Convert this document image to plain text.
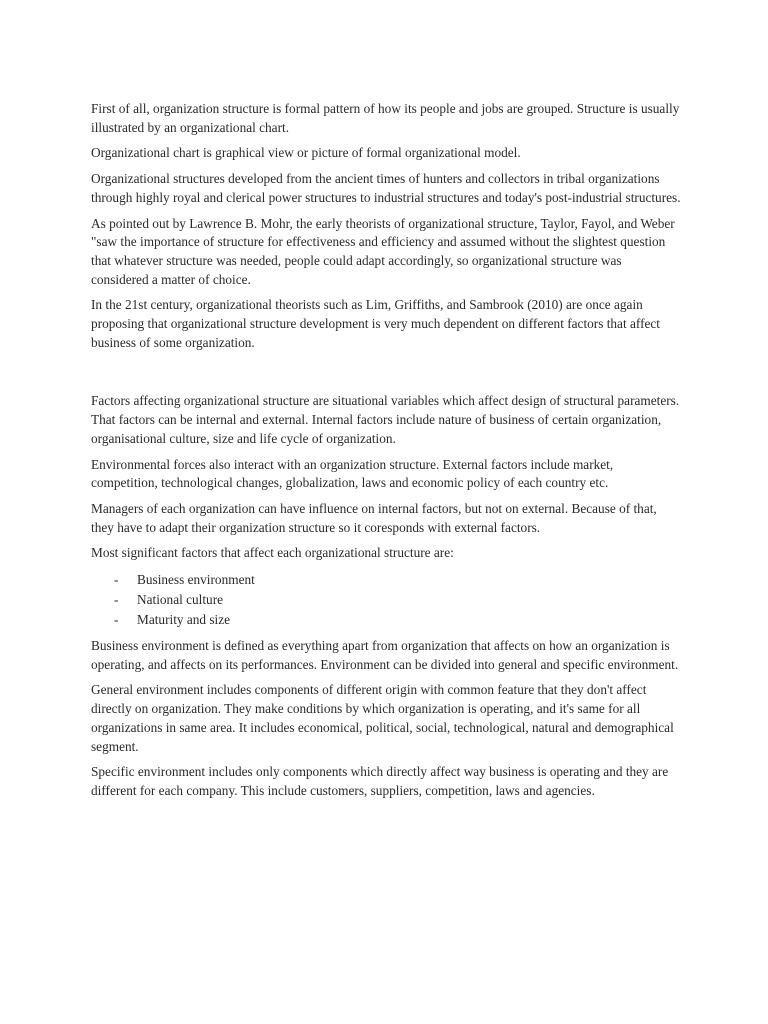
First of all, organization structure is formal pattern of how its people and jobs are grouped. Structure is usually illustrated by an organizational chart.

Organizational chart is graphical view or picture of formal organizational model.

Organizational structures developed from the ancient times of hunters and collectors in tribal organizations through highly royal and clerical power structures to industrial structures and today's post-industrial structures.

As pointed out by Lawrence B. Mohr, the early theorists of organizational structure, Taylor, Fayol, and Weber "saw the importance of structure for effectiveness and efficiency and assumed without the slightest question that whatever structure was needed, people could adapt accordingly, so organizational structure was considered a matter of choice.

In the 21st century, organizational theorists such as Lim, Griffiths, and Sambrook (2010) are once again proposing that organizational structure development is very much dependent on different factors that affect business of some organization.

Factors affecting organizational structure are situational variables which affect design of structural parameters. That factors can be internal and external. Internal factors include nature of business of certain organization, organisational culture, size and life cycle of organization.

Environmental forces also interact with an organization structure. External factors include market, competition, technological changes, globalization, laws and economic policy of each country etc.

Managers of each organization can have influence on internal factors, but not on external. Because of that, they have to adapt their organization structure so it coresponds with external factors.

Most significant factors that affect each organizational structure are:

- Business environment
- National culture
- Maturity and size

Business environment is defined as everything apart from organization that affects on how an organization is operating, and affects on its performances. Environment can be divided into general and specific environment.

General environment includes components of different origin with common feature that they don't affect directly on organization. They make conditions by which organization is operating, and it's same for all organizations in same area. It includes economical, political, social, technological, natural and demographical segment.

Specific environment includes only components which directly affect way business is operating and they are different for each company. This include customers, suppliers, competition, laws and agencies.
